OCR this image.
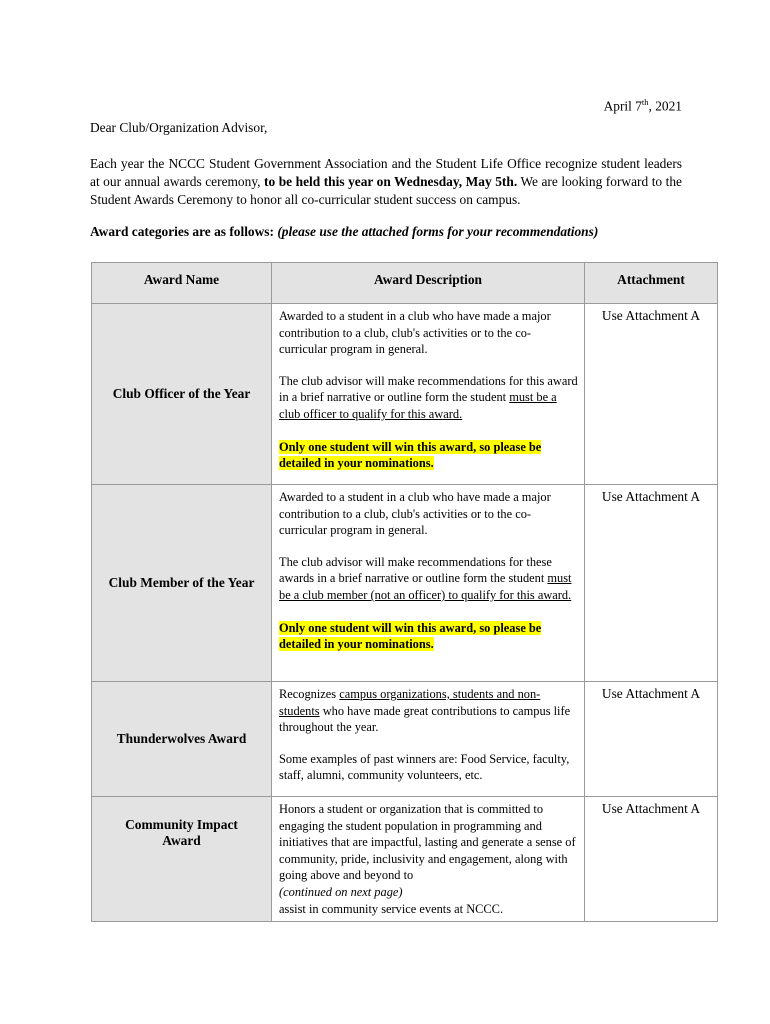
April 7th, 2021
Dear Club/Organization Advisor,
Each year the NCCC Student Government Association and the Student Life Office recognize student leaders at our annual awards ceremony, to be held this year on Wednesday, May 5th. We are looking forward to the Student Awards Ceremony to honor all co-curricular student success on campus.
Award categories are as follows: (please use the attached forms for your recommendations)
Award Name	Award Description	Attachment
Club Officer of the Year	Awarded to a student in a club who have made a major contribution to a club, club's activities or to the co-curricular program in general.

The club advisor will make recommendations for this award in a brief narrative or outline form the student must be a club officer to qualify for this award.

Only one student will win this award, so please be detailed in your nominations.	Use Attachment A
Club Member of the Year	Awarded to a student in a club who have made a major contribution to a club, club's activities or to the co-curricular program in general.

The club advisor will make recommendations for these awards in a brief narrative or outline form the student must be a club member (not an officer) to qualify for this award.

Only one student will win this award, so please be detailed in your nominations.	Use Attachment A
Thunderwolves Award	Recognizes campus organizations, students and non-students who have made great contributions to campus life throughout the year.

Some examples of past winners are: Food Service, faculty, staff, alumni, community volunteers, etc.	Use Attachment A

Community Impact Award	Honors a student or organization that is committed to engaging the student population in programming and initiatives that are impactful, lasting and generate a sense of community, pride, inclusivity and engagement, along with going above and beyond to

(continued on next page)

assist in community service events at NCCC.	Use Attachment A
